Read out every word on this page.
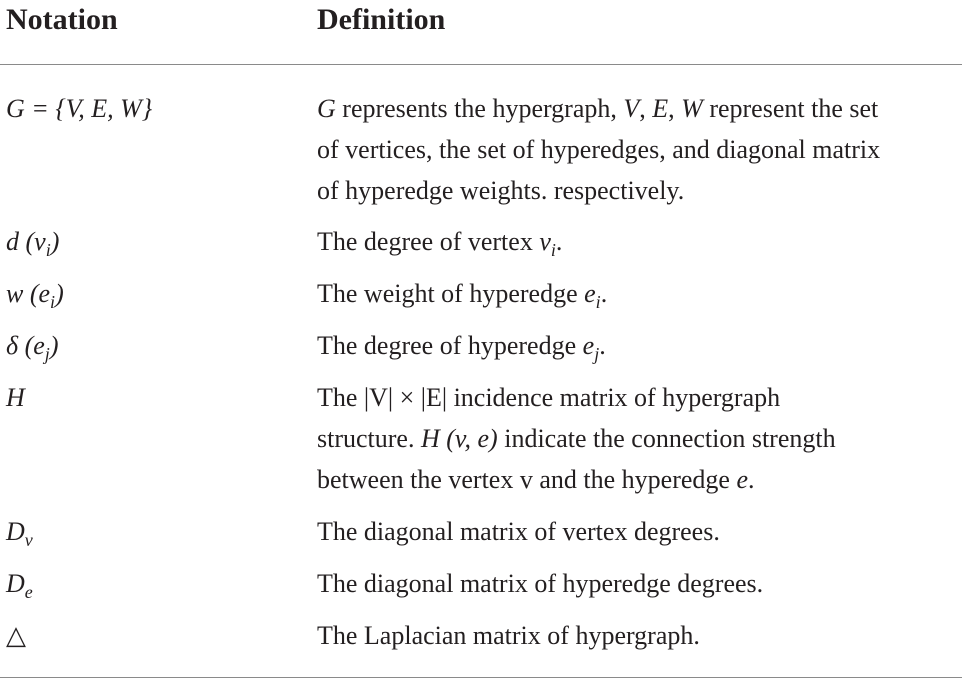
Notation	Definition
G = {V, E, W}	G represents the hypergraph, V, E, W represent the set
of vertices, the set of hyperedges, and diagonal matrix
of hyperedge weights. respectively.
d $(v_i)$	The degree of vertex $v_i$.
w $(e_i)$	The weight of hyperedge $e_i$.
δ $(e_j)$	The degree of hyperedge $e_j$.
H	The |V| × |E| incidence matrix of hypergraph
structure. H (v, e) indicate the connection strength
between the vertex v and the hyperedge e.
$D_v$	The diagonal matrix of vertex degrees.
$D_e$	The diagonal matrix of hyperedge degrees.
△	The Laplacian matrix of hypergraph.
